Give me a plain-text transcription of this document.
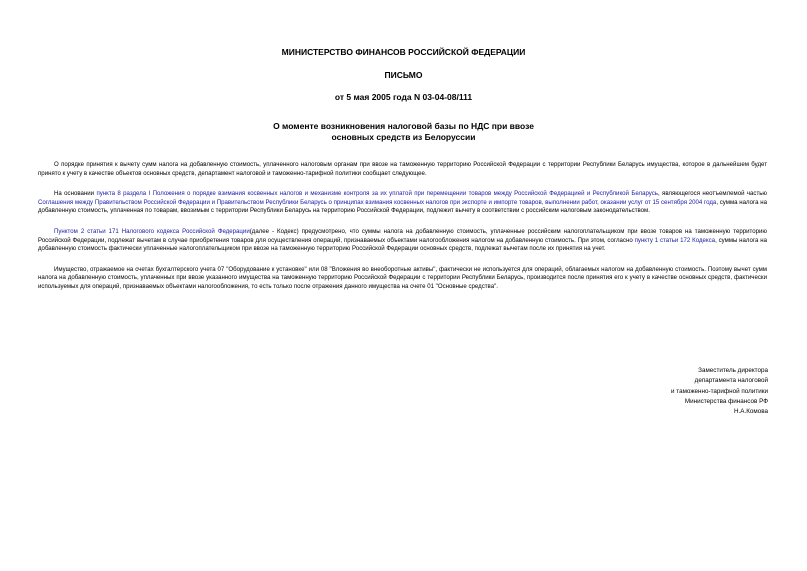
МИНИСТЕРСТВО ФИНАНСОВ РОССИЙСКОЙ ФЕДЕРАЦИИ
ПИСЬМО
от 5 мая 2005 года N 03-04-08/111
О моменте возникновения налоговой базы по НДС при ввозе
основных средств из Белоруссии

О порядке принятия к вычету сумм налога на добавленную стоимость, уплаченного налоговым органам при ввозе на таможенную территорию Российской Федерации с территории Республики Беларусь имущества, которое в дальнейшем будет принято к учету в качестве объектов основных средств, департамент налоговой и таможенно-тарифной политики сообщает следующее.

На основании пункта 8 раздела I Положения о порядке взимания косвенных налогов и механизме контроля за их уплатой при перемещении товаров между Российской Федерацией и Республикой Беларусь, являющегося неотъемлемой частью Соглашения между Правительством Российской Федерации и Правительством Республики Беларусь о принципах взимания косвенных налогов при экспорте и импорте товаров, выполнении работ, оказании услуг от 15 сентября 2004 года, сумма налога на добавленную стоимость, уплаченная по товарам, ввозимым с территории Республики Беларусь на территорию Российской Федерации, подлежит вычету в соответствии с российским налоговым законодательством.

Пунктом 2 статьи 171 Налогового кодекса Российской Федерации(далее - Кодекс) предусмотрено, что суммы налога на добавленную стоимость, уплаченные российским налогоплательщиком при ввозе товаров на таможенную территорию Российской Федерации, подлежат вычетам в случае приобретения товаров для осуществления операций, признаваемых объектами налогообложения налогом на добавленную стоимость. При этом, согласно пункту 1 статьи 172 Кодекса, суммы налога на добавленную стоимость фактически уплаченные налогоплательщиком при ввозе на таможенную территорию Российской Федерации основных средств, подлежат вычетам после их принятия на учет.

Имущество, отражаемое на счетах бухгалтерского учета 07 "Оборудование к установке" или 08 "Вложения во внеоборотные активы", фактически не используется для операций, облагаемых налогом на добавленную стоимость. Поэтому вычет сумм налога на добавленную стоимость, уплаченных при ввозе указанного имущества на таможенную территорию Российской Федерации с территории Республики Беларусь, производится после принятия его к учету в качестве основных средств, фактически используемых для операций, признаваемых объектами налогообложения, то есть только после отражения данного имущества на счете 01 "Основные средства".

Заместитель директора
департамента налоговой
и таможенно-тарифной политики
Министерства финансов РФ
Н.А.Комова
